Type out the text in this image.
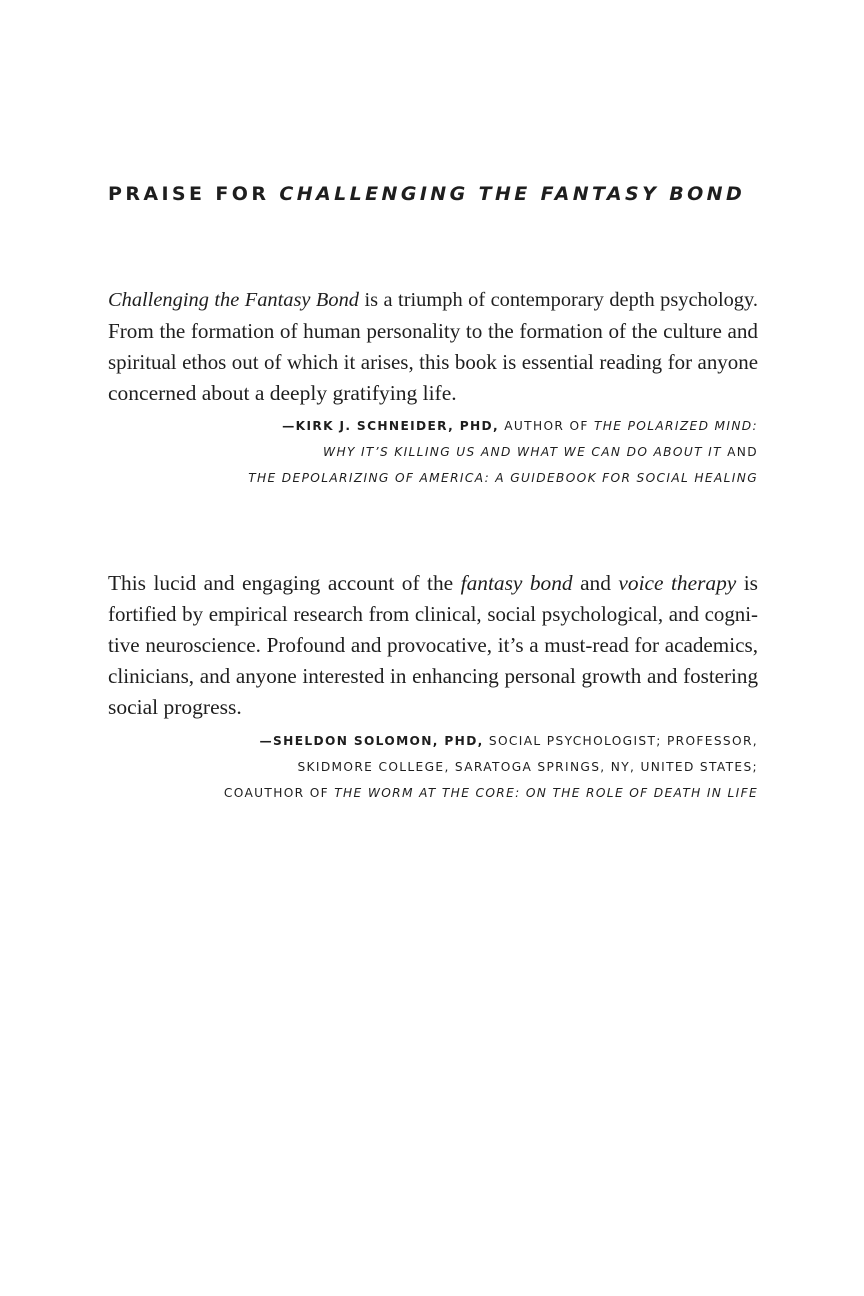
PRAISE FOR CHALLENGING THE FANTASY BOND
Challenging the Fantasy Bond is a triumph of contemporary depth psychology.
From the formation of human personality to the formation of the culture and
spiritual ethos out of which it arises, this book is essential reading for anyone
concerned about a deeply gratifying life.
—KIRK J. SCHNEIDER, PHD, AUTHOR OF THE POLARIZED MIND:
WHY IT’S KILLING US AND WHAT WE CAN DO ABOUT IT AND
THE DEPOLARIZING OF AMERICA: A GUIDEBOOK FOR SOCIAL HEALING
This lucid and engaging account of the fantasy bond and voice therapy is
fortified by empirical research from clinical, social psychological, and cogni-
tive neuroscience. Profound and provocative, it’s a must-read for academics,
clinicians, and anyone interested in enhancing personal growth and fostering
social progress.
—SHELDON SOLOMON, PHD, SOCIAL PSYCHOLOGIST; PROFESSOR,
SKIDMORE COLLEGE, SARATOGA SPRINGS, NY, UNITED STATES;
COAUTHOR OF THE WORM AT THE CORE: ON THE ROLE OF DEATH IN LIFE
